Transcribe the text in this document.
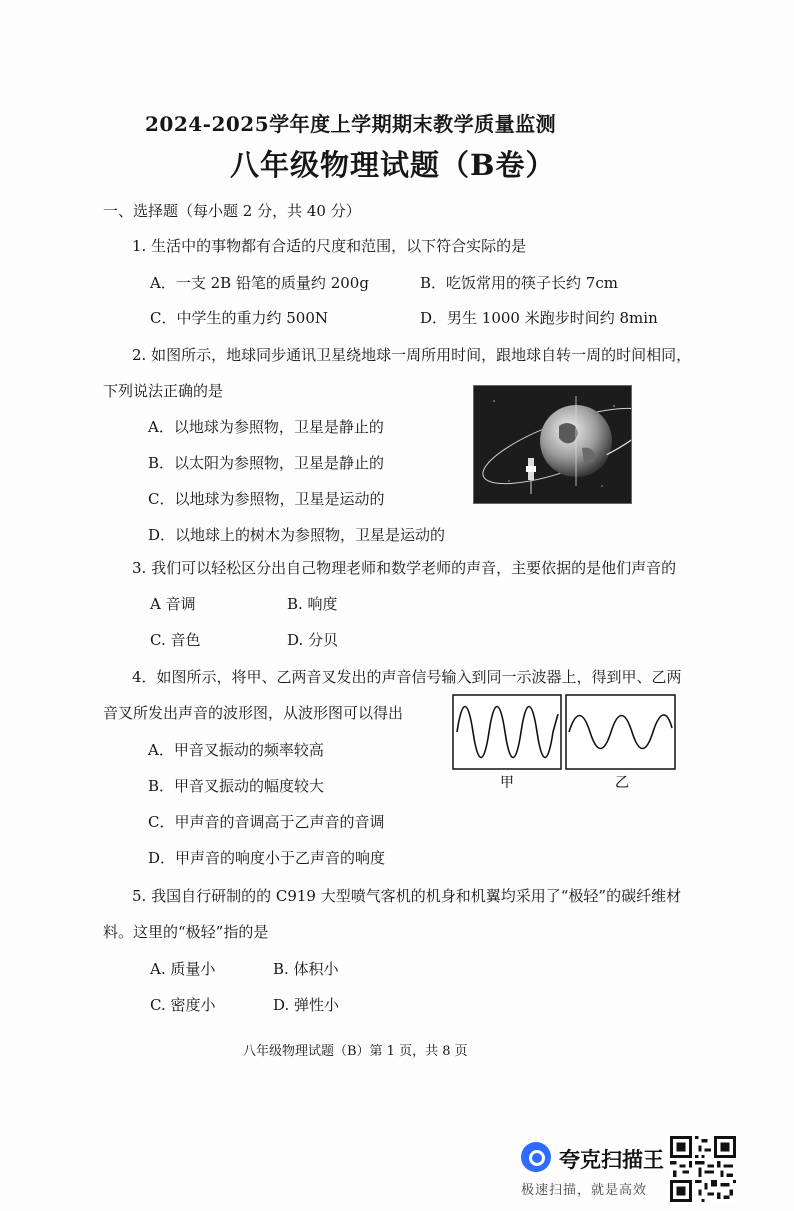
2024-2025学年度上学期期末教学质量监测
八年级物理试题（B卷）
一、选择题（每小题 2 分，共 40 分）
1. 生活中的事物都有合适的尺度和范围，以下符合实际的是
A．一支 2B 铅笔的质量约 200g	B．吃饭常用的筷子长约 7cm
C．中学生的重力约 500N	D．男生 1000 米跑步时间约 8min
2. 如图所示，地球同步通讯卫星绕地球一周所用时间，跟地球自转一周的时间相同，
下列说法正确的是
A．以地球为参照物，卫星是静止的
B．以太阳为参照物，卫星是静止的
C．以地球为参照物，卫星是运动的
D．以地球上的树木为参照物，卫星是运动的
3. 我们可以轻松区分出自己物理老师和数学老师的声音，主要依据的是他们声音的
A 音调	B. 响度
C. 音色	D. 分贝
4．如图所示，将甲、乙两音叉发出的声音信号输入到同一示波器上，得到甲、乙两
音叉所发出声音的波形图，从波形图可以得出
A．甲音叉振动的频率较高
B．甲音叉振动的幅度较大
C．甲声音的音调高于乙声音的音调
D．甲声音的响度小于乙声音的响度
甲	乙
5. 我国自行研制的的 C919 大型喷气客机的机身和机翼均采用了“极轻”的碳纤维材
料。这里的“极轻”指的是
A. 质量小	B. 体积小
C. 密度小	D. 弹性小
八年级物理试题（B）第 1 页，共 8 页
夸克扫描王
极速扫描，就是高效
